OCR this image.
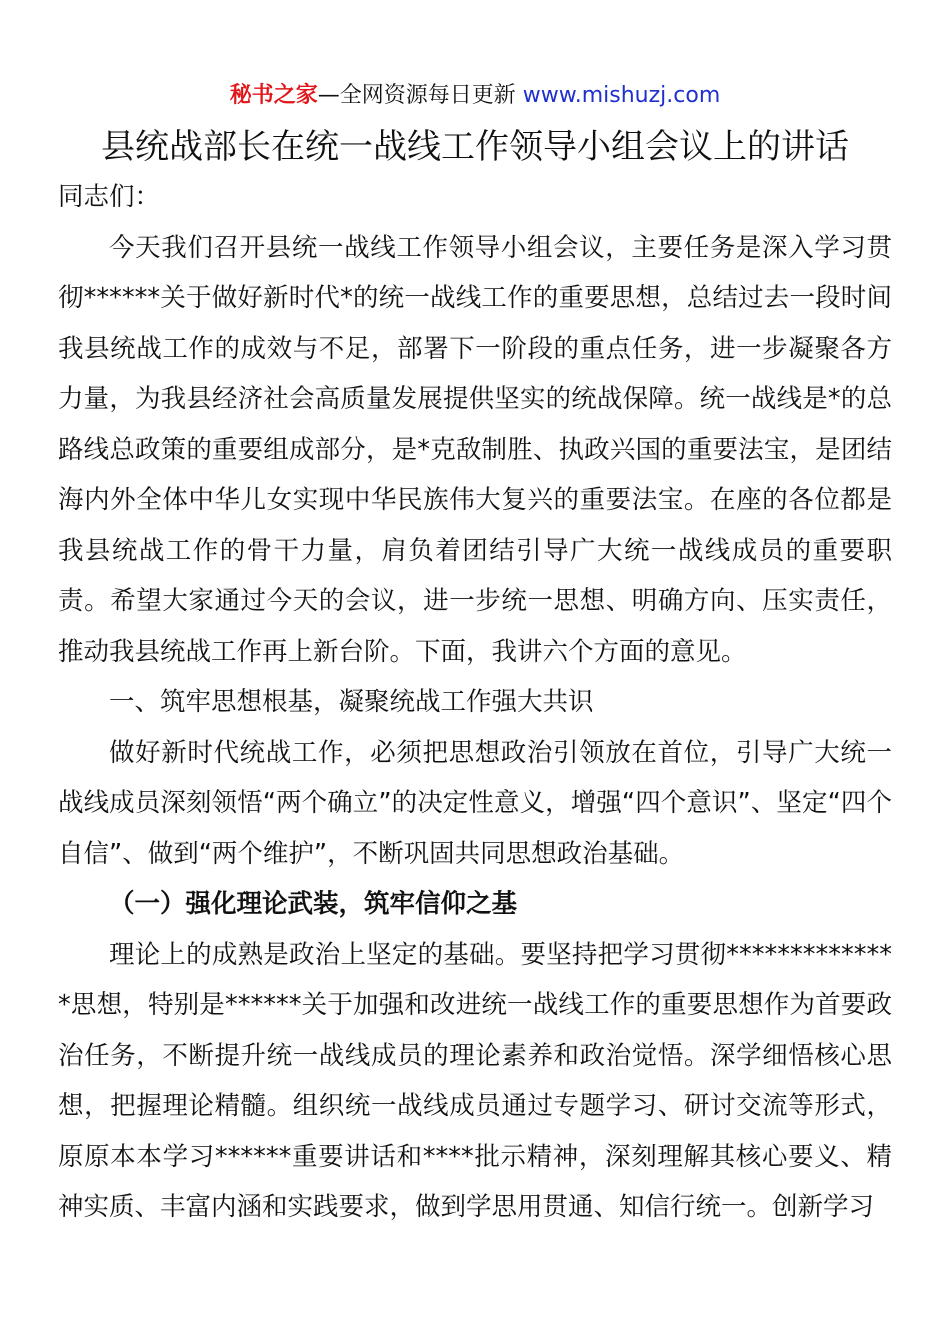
秘书之家—全网资源每日更新 www.mishuzj.com
县统战部长在统一战线工作领导小组会议上的讲话

同志们：

今天我们召开县统一战线工作领导小组会议，主要任务是深入学习贯彻******关于做好新时代*的统一战线工作的重要思想，总结过去一段时间我县统战工作的成效与不足，部署下一阶段的重点任务，进一步凝聚各方力量，为我县经济社会高质量发展提供坚实的统战保障。统一战线是*的总路线总政策的重要组成部分，是*克敌制胜、执政兴国的重要法宝，是团结海内外全体中华儿女实现中华民族伟大复兴的重要法宝。在座的各位都是我县统战工作的骨干力量，肩负着团结引导广大统一战线成员的重要职责。希望大家通过今天的会议，进一步统一思想、明确方向、压实责任，推动我县统战工作再上新台阶。下面，我讲六个方面的意见。

一、筑牢思想根基，凝聚统战工作强大共识

做好新时代统战工作，必须把思想政治引领放在首位，引导广大统一战线成员深刻领悟“两个确立”的决定性意义，增强“四个意识”、坚定“四个自信”、做到“两个维护”，不断巩固共同思想政治基础。

（一）强化理论武装，筑牢信仰之基

理论上的成熟是政治上坚定的基础。要坚持把学习贯彻**************思想，特别是******关于加强和改进统一战线工作的重要思想作为首要政治任务，不断提升统一战线成员的理论素养和政治觉悟。深学细悟核心思想，把握理论精髓。组织统一战线成员通过专题学习、研讨交流等形式，原原本本学习******重要讲话和****批示精神，深刻理解其核心要义、精神实质、丰富内涵和实践要求，做到学思用贯通、知信行统一。创新学习
